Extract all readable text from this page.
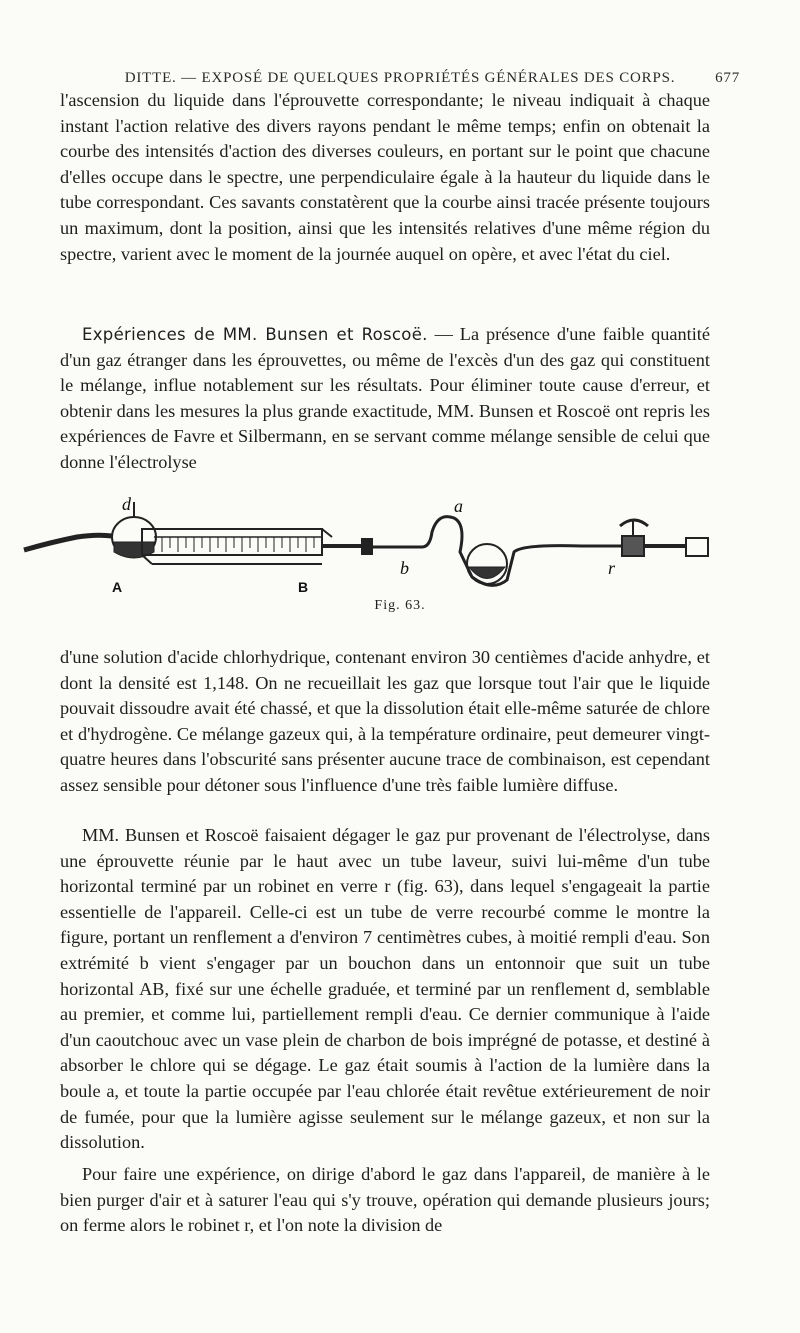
DITTE. — EXPOSÉ DE QUELQUES PROPRIÉTÉS GÉNÉRALES DES CORPS.	677

l'ascension du liquide dans l'éprouvette correspondante; le niveau indiquait à chaque instant l'action relative des divers rayons pendant le même temps; enfin on obtenait la courbe des intensités d'action des diverses couleurs, en portant sur le point que chacune d'elles occupe dans le spectre, une perpendiculaire égale à la hauteur du liquide dans le tube correspondant. Ces savants constatèrent que la courbe ainsi tracée présente toujours un maximum, dont la position, ainsi que les intensités relatives d'une même région du spectre, varient avec le moment de la journée auquel on opère, et avec l'état du ciel.

Expériences de MM. Bunsen et Roscoë. — La présence d'une faible quantité d'un gaz étranger dans les éprouvettes, ou même de l'excès d'un des gaz qui constituent le mélange, influe notablement sur les résultats. Pour éliminer toute cause d'erreur, et obtenir dans les mesures la plus grande exactitude, MM. Bunsen et Roscoë ont repris les expériences de Favre et Silbermann, en se servant comme mélange sensible de celui que donne l'électrolyse

d	a
b	r
A	B
Fig. 63.

d'une solution d'acide chlorhydrique, contenant environ 30 centièmes d'acide anhydre, et dont la densité est 1,148. On ne recueillait les gaz que lorsque tout l'air que le liquide pouvait dissoudre avait été chassé, et que la dissolution était elle-même saturée de chlore et d'hydrogène. Ce mélange gazeux qui, à la température ordinaire, peut demeurer vingt-quatre heures dans l'obscurité sans présenter aucune trace de combinaison, est cependant assez sensible pour détoner sous l'influence d'une très faible lumière diffuse.

MM. Bunsen et Roscoë faisaient dégager le gaz pur provenant de l'électrolyse, dans une éprouvette réunie par le haut avec un tube laveur, suivi lui-même d'un tube horizontal terminé par un robinet en verre r (fig. 63), dans lequel s'engageait la partie essentielle de l'appareil. Celle-ci est un tube de verre recourbé comme le montre la figure, portant un renflement a d'environ 7 centimètres cubes, à moitié rempli d'eau. Son extrémité b vient s'engager par un bouchon dans un entonnoir que suit un tube horizontal AB, fixé sur une échelle graduée, et terminé par un renflement d, semblable au premier, et comme lui, partiellement rempli d'eau. Ce dernier communique à l'aide d'un caoutchouc avec un vase plein de charbon de bois imprégné de potasse, et destiné à absorber le chlore qui se dégage. Le gaz était soumis à l'action de la lumière dans la boule a, et toute la partie occupée par l'eau chlorée était revêtue extérieurement de noir de fumée, pour que la lumière agisse seulement sur le mélange gazeux, et non sur la dissolution.

Pour faire une expérience, on dirige d'abord le gaz dans l'appareil, de manière à le bien purger d'air et à saturer l'eau qui s'y trouve, opération qui demande plusieurs jours; on ferme alors le robinet r, et l'on note la division de
